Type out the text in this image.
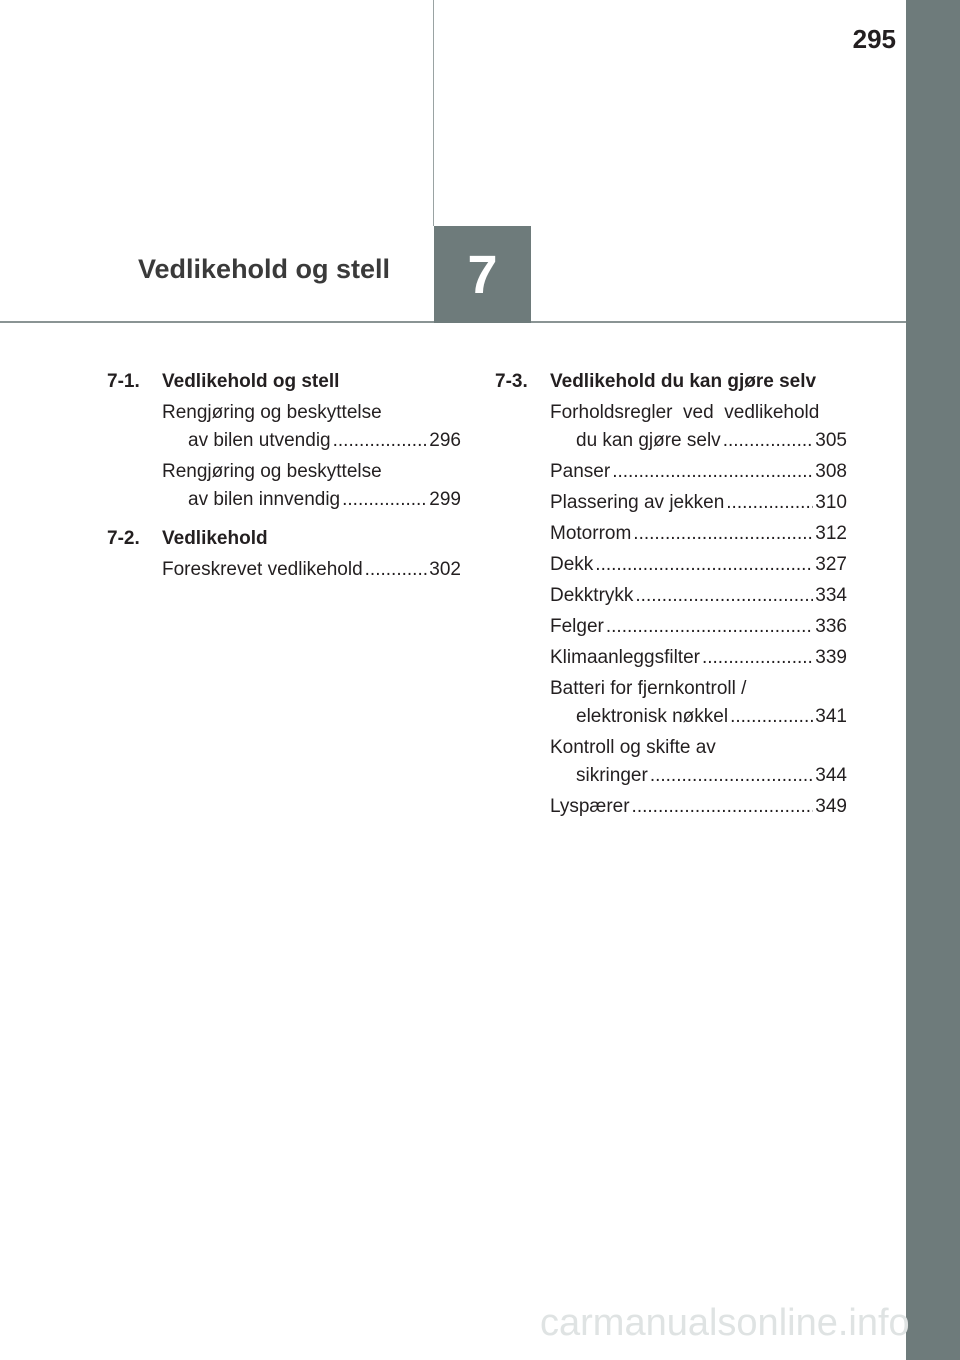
295
Vedlikehold og stell	7
7-1.	Vedlikehold og stell
Rengjøring og beskyttelse
av bilen utvendig .....	296
Rengjøring og beskyttelse
av bilen innvendig .....	299
7-2.	Vedlikehold
Foreskrevet vedlikehold .....	302
7-3.	Vedlikehold du kan gjøre selv
Forholdsregler  ved  vedlikehold
du kan gjøre selv .....	305
Panser .....	308
Plassering av jekken .....	310
Motorrom .....	312
Dekk .....	327
Dekktrykk .....	334
Felger .....	336
Klimaanleggsfilter .....	339
Batteri for fjernkontroll /
elektronisk nøkkel .....	341
Kontroll og skifte av
sikringer .....	344
Lyspærer .....	349
carmanualsonline.info
